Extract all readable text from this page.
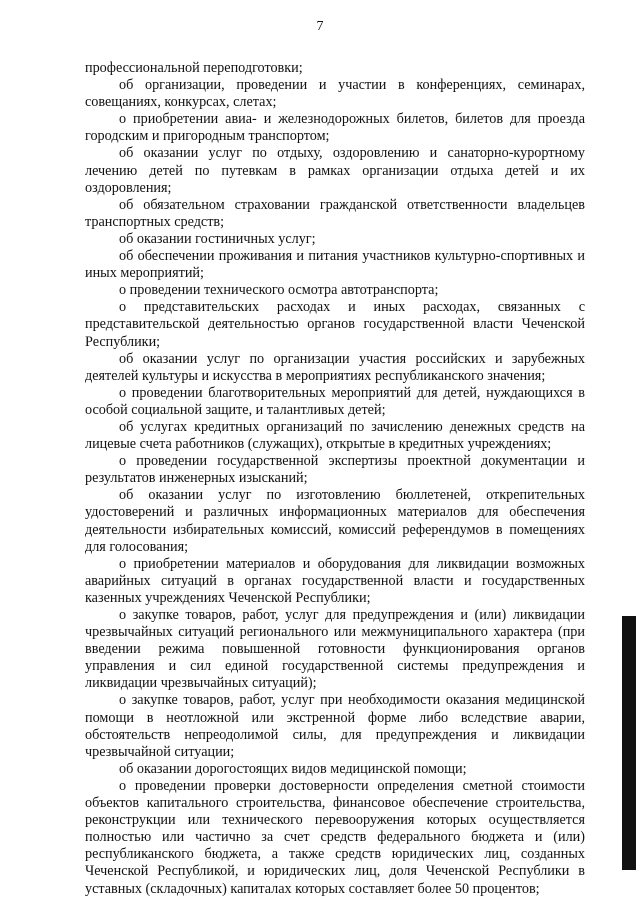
7

профессиональной переподготовки;

об организации, проведении и участии в конференциях, семинарах, совещаниях, конкурсах, слетах;

о приобретении авиа- и железнодорожных билетов, билетов для проезда городским и пригородным транспортом;

об оказании услуг по отдыху, оздоровлению и санаторно-курортному лечению детей по путевкам в рамках организации отдыха детей и их оздоровления;

об обязательном страховании гражданской ответственности владельцев транспортных средств;

об оказании гостиничных услуг;

об обеспечении проживания и питания участников культурно-спортивных и иных мероприятий;

о проведении технического осмотра автотранспорта;

о представительских расходах и иных расходах, связанных с представительской деятельностью органов государственной власти Чеченской Республики;

об оказании услуг по организации участия российских и зарубежных деятелей культуры и искусства в мероприятиях республиканского значения;

о проведении благотворительных мероприятий для детей, нуждающихся в особой социальной защите, и талантливых детей;

об услугах кредитных организаций по зачислению денежных средств на лицевые счета работников (служащих), открытые в кредитных учреждениях;

о проведении государственной экспертизы проектной документации и результатов инженерных изысканий;

об оказании услуг по изготовлению бюллетеней, открепительных удостоверений и различных информационных материалов для обеспечения деятельности избирательных комиссий, комиссий референдумов в помещениях для голосования;

о приобретении материалов и оборудования для ликвидации возможных аварийных ситуаций в органах государственной власти и государственных казенных учреждениях Чеченской Республики;

о закупке товаров, работ, услуг для предупреждения и (или) ликвидации чрезвычайных ситуаций регионального или межмуниципального характера (при введении режима повышенной готовности функционирования органов управления и сил единой государственной системы предупреждения и ликвидации чрезвычайных ситуаций);

о закупке товаров, работ, услуг при необходимости оказания медицинской помощи в неотложной или экстренной форме либо вследствие аварии, обстоятельств непреодолимой силы, для предупреждения и ликвидации чрезвычайной ситуации;

об оказании дорогостоящих видов медицинской помощи;

о проведении проверки достоверности определения сметной стоимости объектов капитального строительства, финансовое обеспечение строительства, реконструкции или технического перевооружения которых осуществляется полностью или частично за счет средств федерального бюджета и (или) республиканского бюджета, а также средств юридических лиц, созданных Чеченской Республикой, и юридических лиц, доля Чеченской Республики в уставных (складочных) капиталах которых составляет более 50 процентов;
